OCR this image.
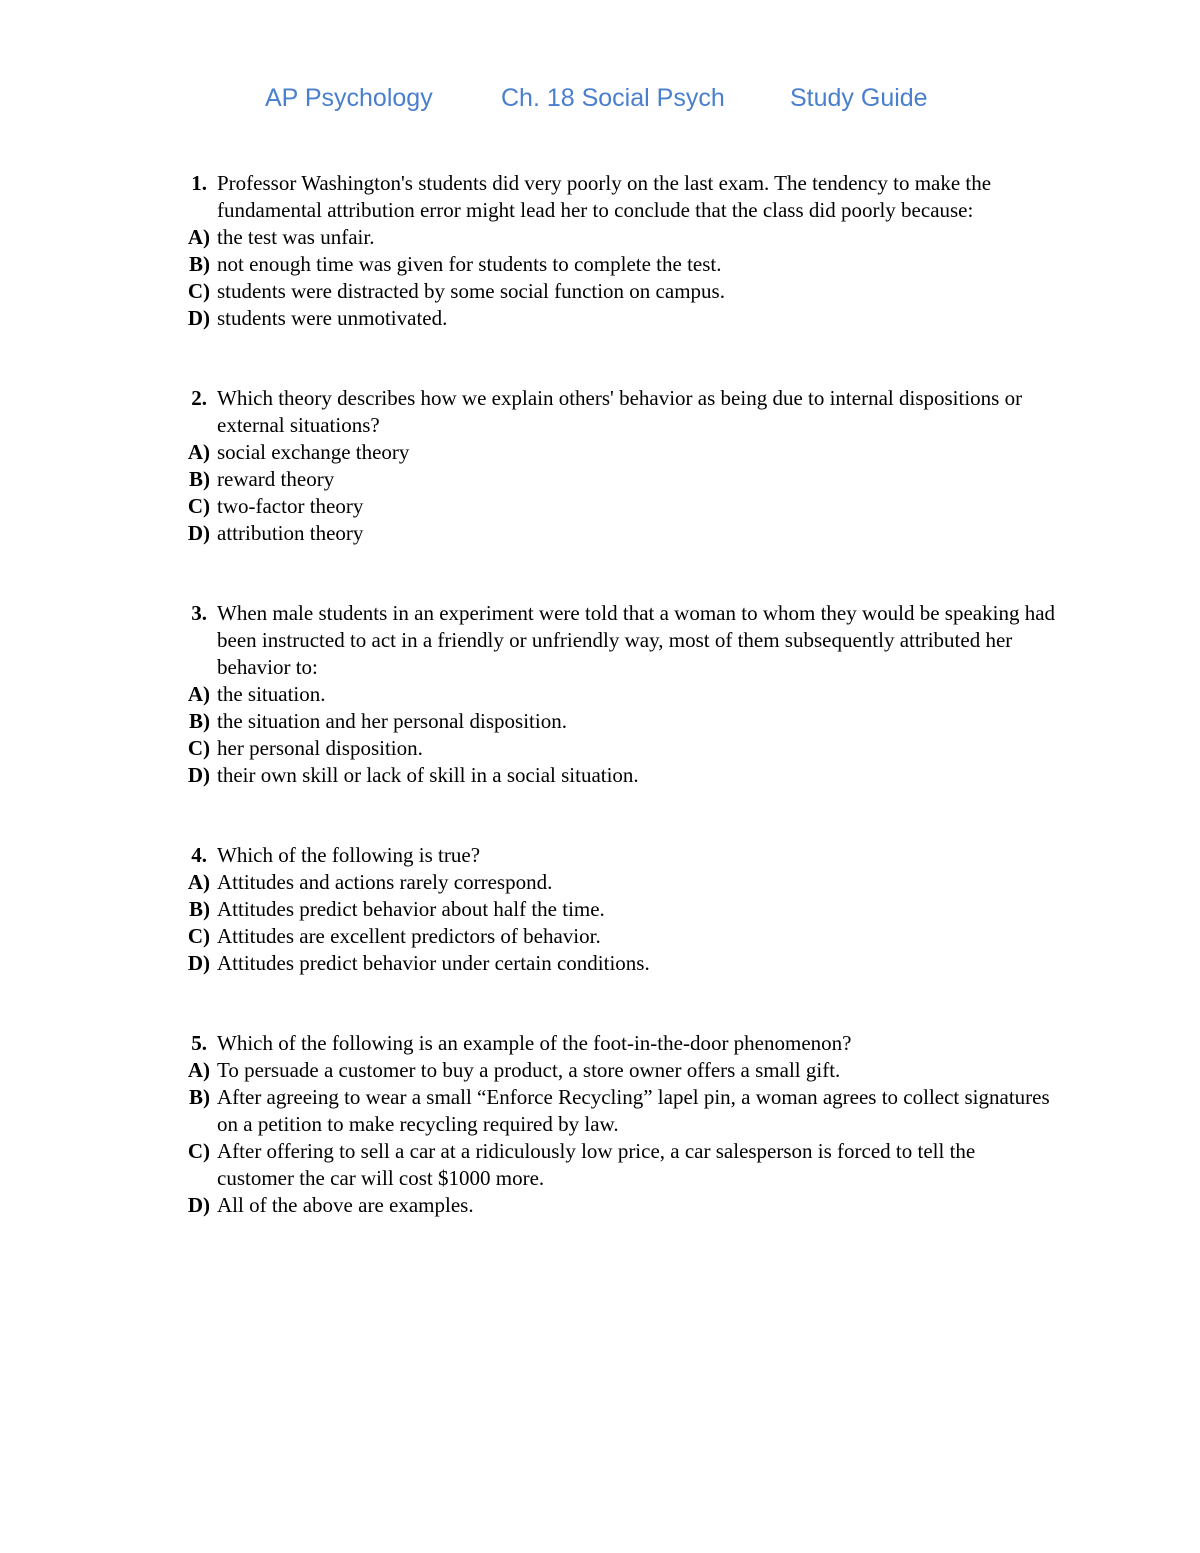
AP Psychology	Ch. 18 Social Psych	Study Guide
1. Professor Washington's students did very poorly on the last exam. The tendency to make the fundamental attribution error might lead her to conclude that the class did poorly because:
A) the test was unfair.
B) not enough time was given for students to complete the test.
C) students were distracted by some social function on campus.
D) students were unmotivated.
2. Which theory describes how we explain others' behavior as being due to internal dispositions or external situations?
A) social exchange theory
B) reward theory
C) two-factor theory
D) attribution theory
3. When male students in an experiment were told that a woman to whom they would be speaking had been instructed to act in a friendly or unfriendly way, most of them subsequently attributed her behavior to:
A) the situation.
B) the situation and her personal disposition.
C) her personal disposition.
D) their own skill or lack of skill in a social situation.
4. Which of the following is true?
A) Attitudes and actions rarely correspond.
B) Attitudes predict behavior about half the time.
C) Attitudes are excellent predictors of behavior.
D) Attitudes predict behavior under certain conditions.
5. Which of the following is an example of the foot-in-the-door phenomenon?
A) To persuade a customer to buy a product, a store owner offers a small gift.
B) After agreeing to wear a small “Enforce Recycling” lapel pin, a woman agrees to collect signatures on a petition to make recycling required by law.
C) After offering to sell a car at a ridiculously low price, a car salesperson is forced to tell the customer the car will cost $1000 more.
D) All of the above are examples.
